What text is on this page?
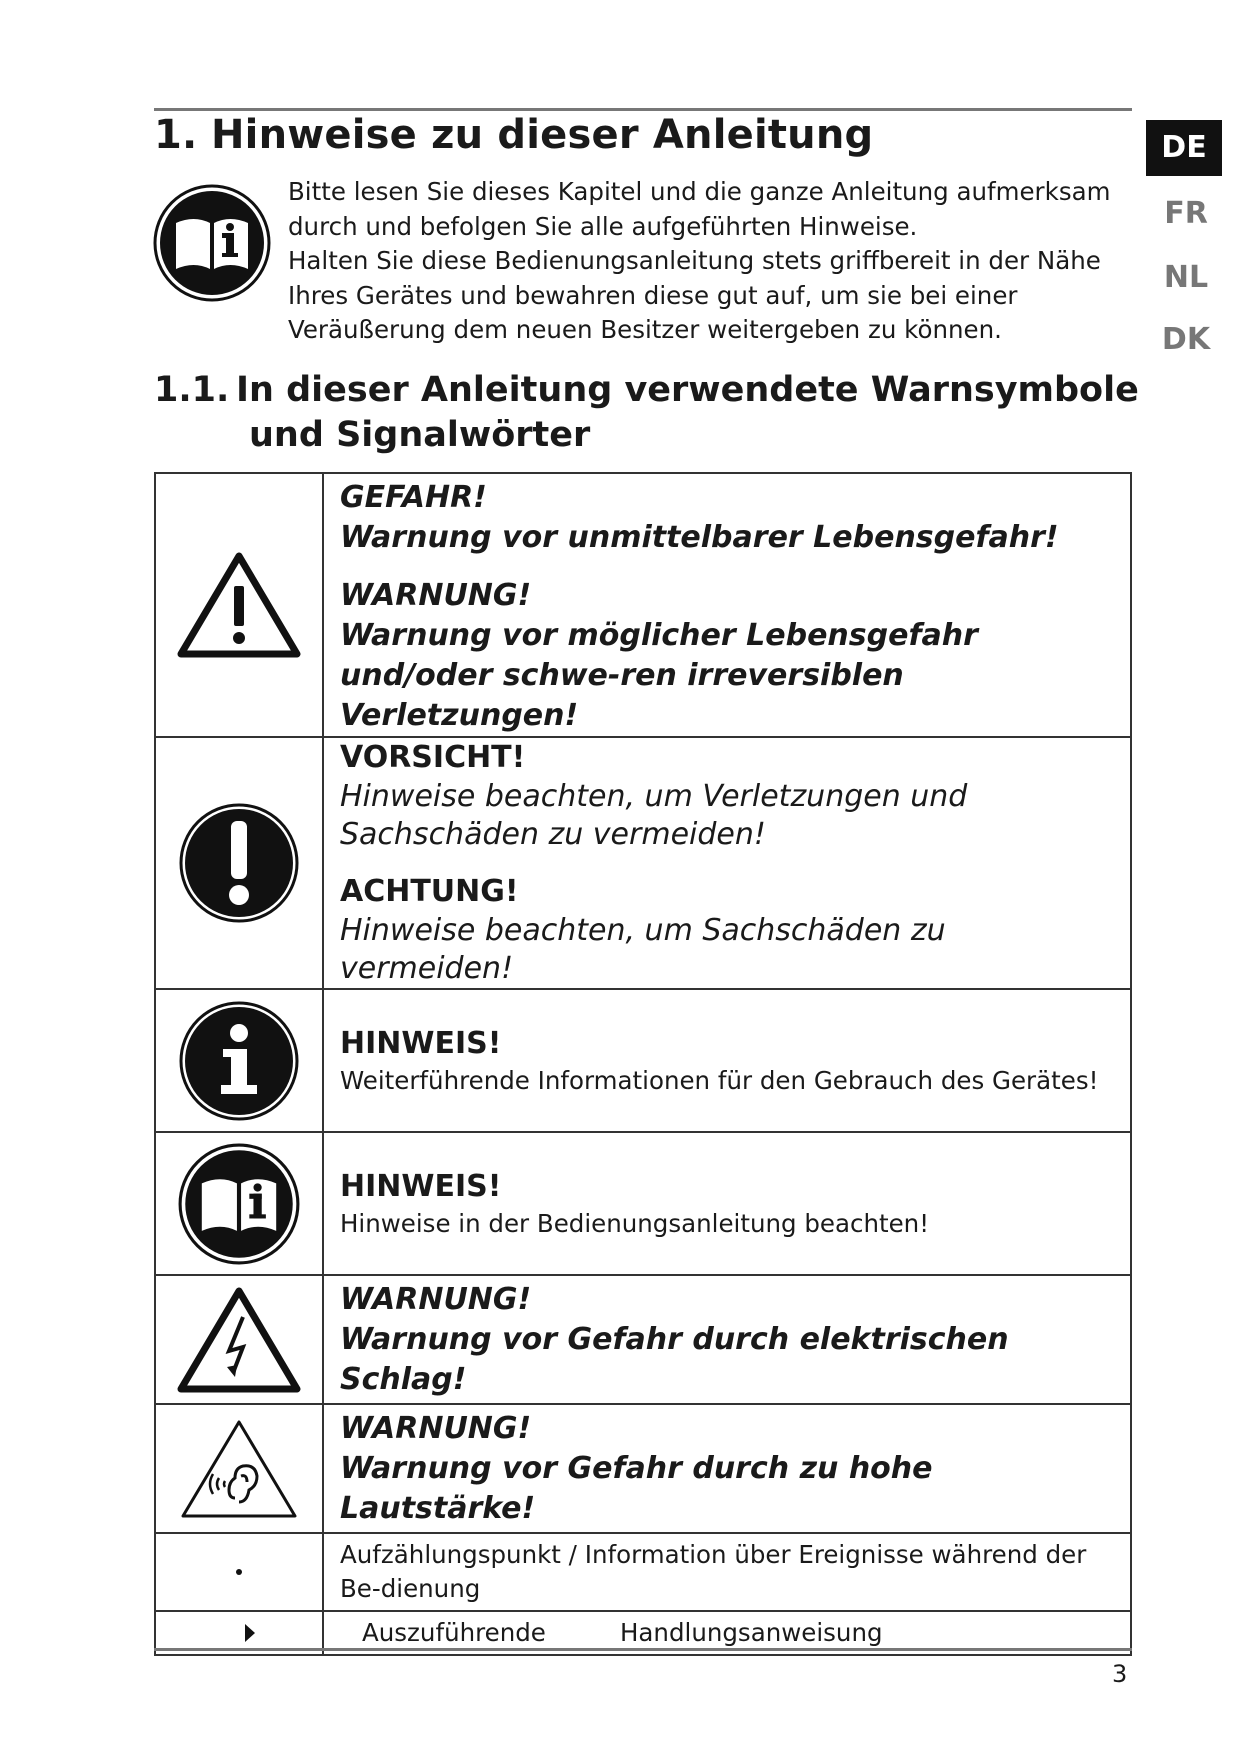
1. Hinweise zu dieser Anleitung

Bitte lesen Sie dieses Kapitel und die ganze Anleitung aufmerksam durch und befolgen Sie alle aufgeführten Hinweise.

Halten Sie diese Bedienungsanleitung stets griffbereit in der Nähe Ihres Gerätes und bewahren diese gut auf, um sie bei einer Veräußerung dem neuen Besitzer weitergeben zu können.

1.1. In dieser Anleitung verwendete Warnsymbole
und Signalwörter
DE
FR
NL
DK

GEFAHR!
Warnung vor unmittelbarer Lebensgefahr!
WARNUNG!
Warnung vor möglicher Lebensgefahr und/oder schwe-ren irreversiblen Verletzungen!

VORSICHT!
Hinweise beachten, um Verletzungen und Sachschäden zu vermeiden!
ACHTUNG!
Hinweise beachten, um Sachschäden zu vermeiden!

HINWEIS!
Weiterführende Informationen für den Gebrauch des Gerätes!

HINWEIS!
Hinweise in der Bedienungsanleitung beachten!

WARNUNG!
Warnung vor Gefahr durch elektrischen Schlag!

WARNUNG!
Warnung vor Gefahr durch zu hohe Lautstärke!

	Aufzählungspunkt / Information über Ereignisse während der Be-dienung

Auszuführende Handlungsanweisung
3
